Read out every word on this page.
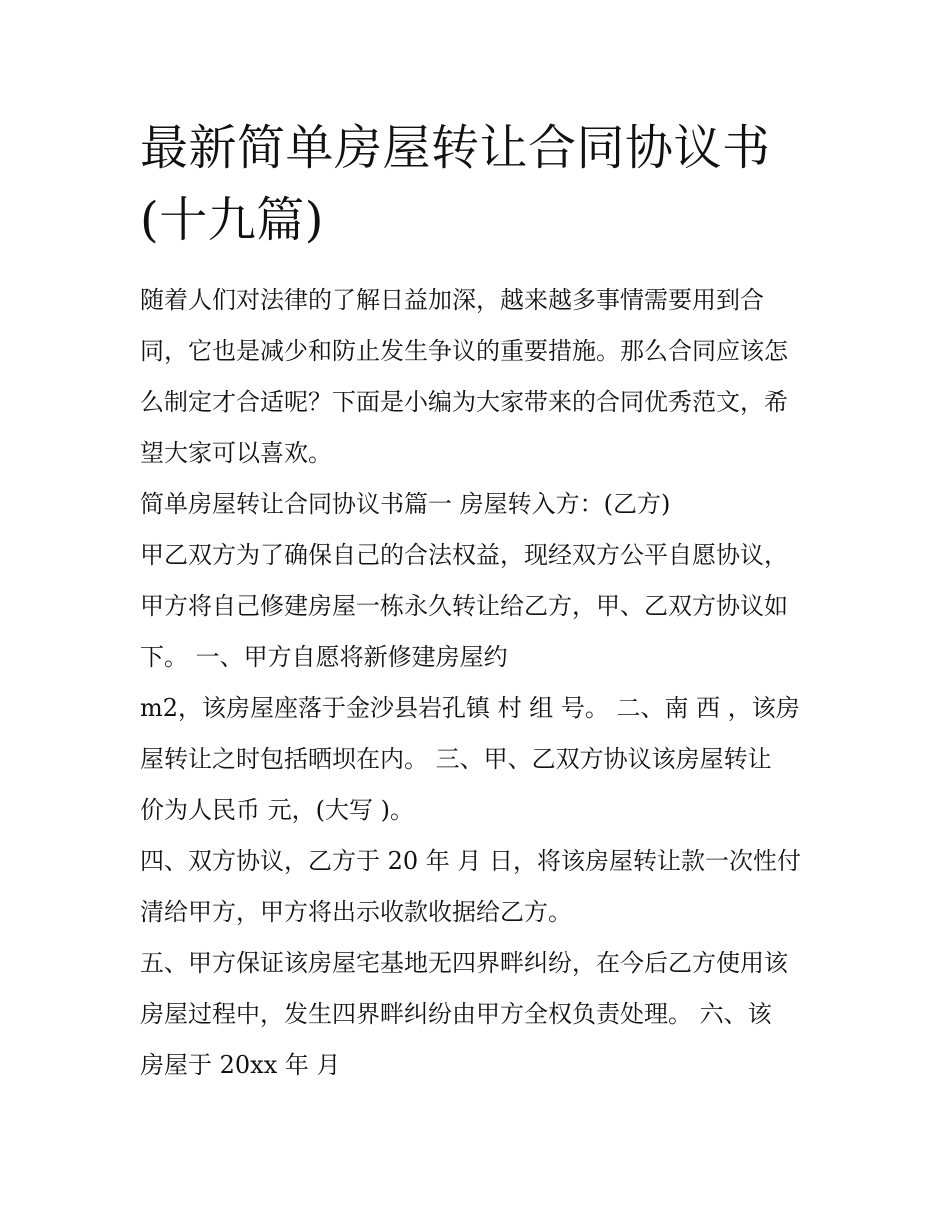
最新简单房屋转让合同协议书
(十九篇)
随着人们对法律的了解日益加深，越来越多事情需要用到合
同，它也是减少和防止发生争议的重要措施。那么合同应该怎
么制定才合适呢？下面是小编为大家带来的合同优秀范文，希
望大家可以喜欢。
简单房屋转让合同协议书篇一 房屋转入方：(乙方)
甲乙双方为了确保自己的合法权益，现经双方公平自愿协议，
甲方将自己修建房屋一栋永久转让给乙方，甲、乙双方协议如
下。 一、甲方自愿将新修建房屋约
m2，该房屋座落于金沙县岩孔镇 村 组 号。 二、南 西 ，该房
屋转让之时包括晒坝在内。 三、甲、乙双方协议该房屋转让
价为人民币 元，(大写 )。
四、双方协议，乙方于 20 年 月 日，将该房屋转让款一次性付
清给甲方，甲方将出示收款收据给乙方。
五、甲方保证该房屋宅基地无四界畔纠纷，在今后乙方使用该
房屋过程中，发生四界畔纠纷由甲方全权负责处理。 六、该
房屋于 20xx 年 月
